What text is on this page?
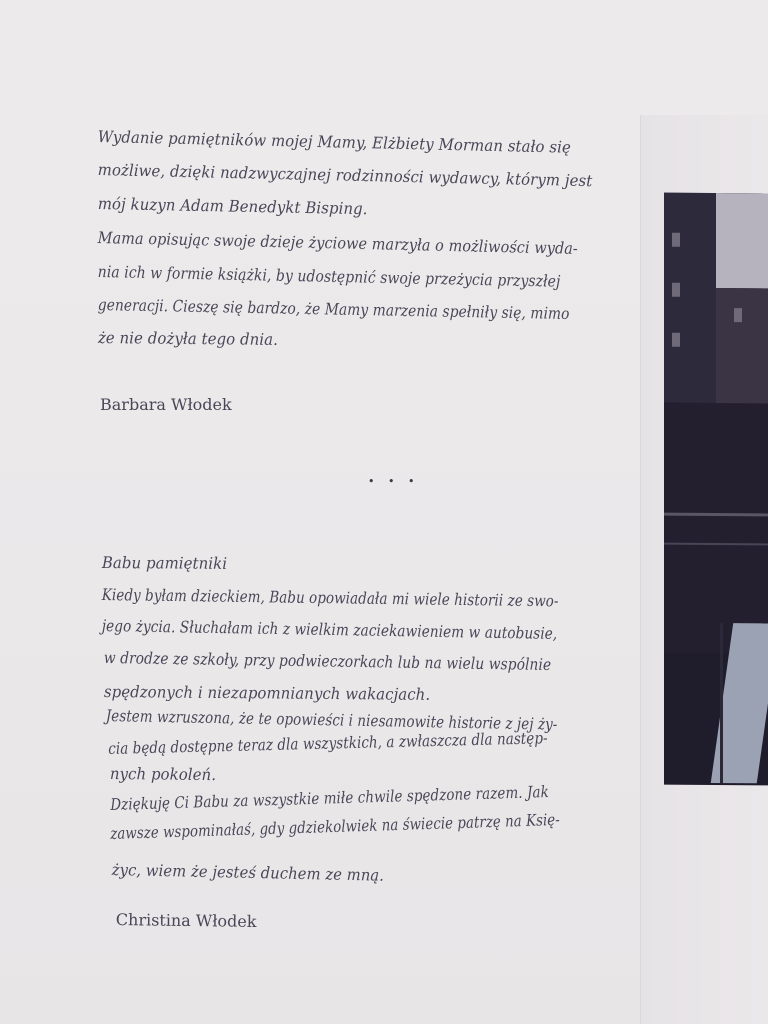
Wydanie pamiętników mojej Mamy, Elżbiety Morman stało się
możliwe, dzięki nadzwyczajnej rodzinności wydawcy, którym jest
mój kuzyn Adam Benedykt Bisping.
Mama opisując swoje dzieje życiowe marzyła o możliwości wyda-
nia ich w formie książki, by udostępnić swoje przeżycia przyszłej
generacji. Cieszę się bardzo, że Mamy marzenia spełniły się, mimo
że nie dożyła tego dnia.
Barbara Włodek
• • •
Babu pamiętniki
Kiedy byłam dzieckiem, Babu opowiadała mi wiele historii ze swo-
jego życia. Słuchałam ich z wielkim zaciekawieniem w autobusie,
w drodze ze szkoły, przy podwieczorkach lub na wielu wspólnie
spędzonych i niezapomnianych wakacjach.
Jestem wzruszona, że te opowieści i niesamowite historie z jej ży-
cia będą dostępne teraz dla wszystkich, a zwłaszcza dla następ-
nych pokoleń.
Dziękuję Ci Babu za wszystkie miłe chwile spędzone razem. Jak
zawsze wspominałaś, gdy gdziekolwiek na świecie patrzę na Księ-
życ, wiem że jesteś duchem ze mną.
Christina Włodek
